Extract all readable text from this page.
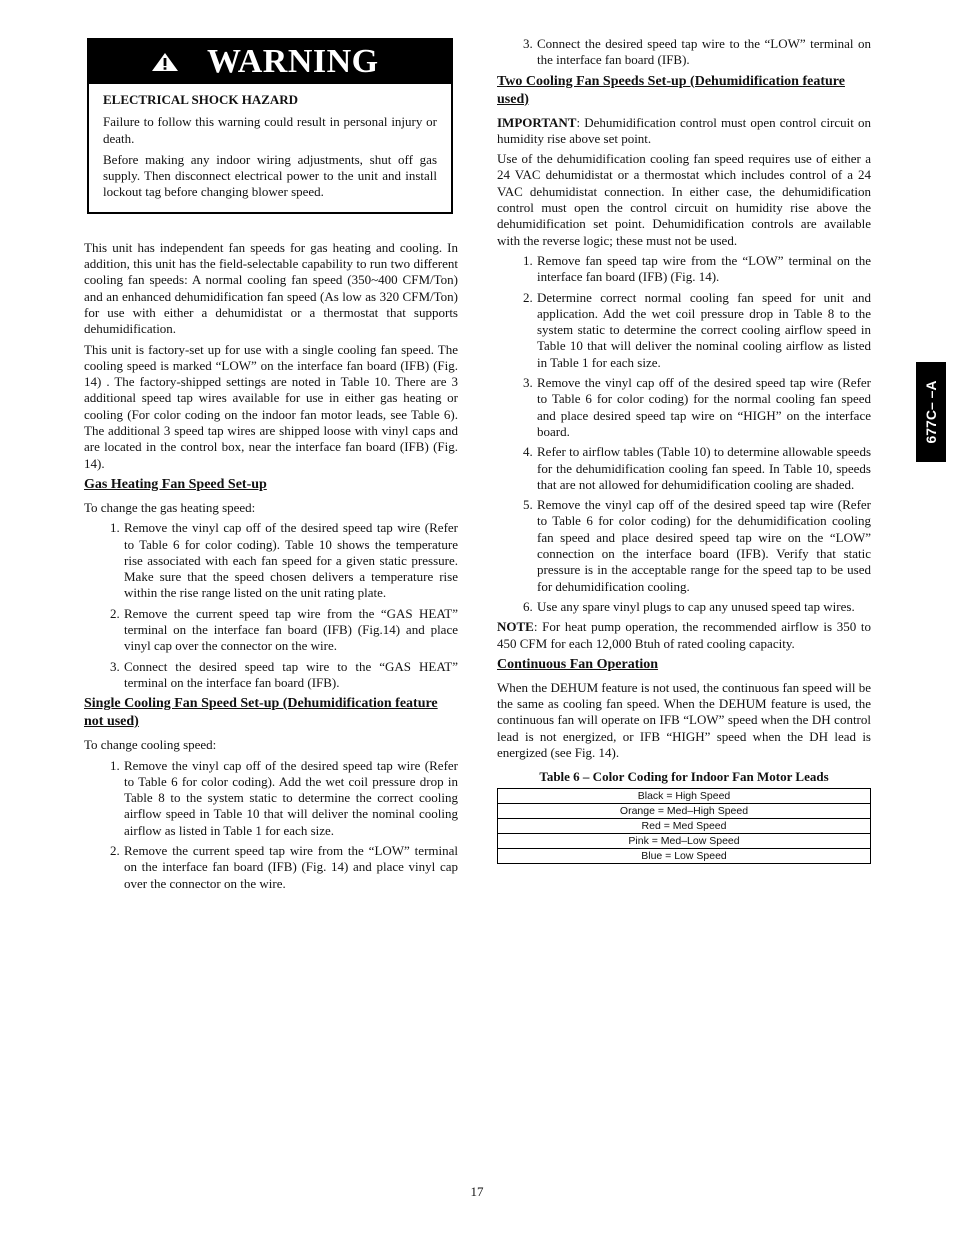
WARNING
ELECTRICAL SHOCK HAZARD

Failure to follow this warning could result in personal injury or death.

Before making any indoor wiring adjustments, shut off gas supply. Then disconnect electrical power to the unit and install lockout tag before changing blower speed.

This unit has independent fan speeds for gas heating and cooling. In addition, this unit has the field-selectable capability to run two different cooling fan speeds: A normal cooling fan speed (350~400 CFM/Ton) and an enhanced dehumidification fan speed (As low as 320 CFM/Ton) for use with either a dehumidistat or a thermostat that supports dehumidification.

This unit is factory-set up for use with a single cooling fan speed. The cooling speed is marked “LOW” on the interface fan board (IFB) (Fig. 14) . The factory-shipped settings are noted in Table 10. There are 3 additional speed tap wires available for use in either gas heating or cooling (For color coding on the indoor fan motor leads, see Table 6). The additional 3 speed tap wires are shipped loose with vinyl caps and are located in the control box, near the interface fan board (IFB) (Fig. 14).

Gas Heating Fan Speed Set-up

To change the gas heating speed:

1. Remove the vinyl cap off of the desired speed tap wire (Refer to Table 6 for color coding). Table 10 shows the temperature rise associated with each fan speed for a given static pressure. Make sure that the speed chosen delivers a temperature rise within the rise range listed on the unit rating plate.
2. Remove the current speed tap wire from the “GAS HEAT” terminal on the interface fan board (IFB) (Fig.14) and place vinyl cap over the connector on the wire.
3. Connect the desired speed tap wire to the “GAS HEAT” terminal on the interface fan board (IFB).
Single Cooling Fan Speed Set-up (Dehumidification feature not used)

To change cooling speed:

1. Remove the vinyl cap off of the desired speed tap wire (Refer to Table 6 for color coding). Add the wet coil pressure drop in Table 8 to the system static to determine the correct cooling airflow speed in Table 10 that will deliver the nominal cooling airflow as listed in Table 1 for each size.
2. Remove the current speed tap wire from the “LOW” terminal on the interface fan board (IFB) (Fig. 14) and place vinyl cap over the connector on the wire.
3. Connect the desired speed tap wire to the “LOW” terminal on the interface fan board (IFB).
Two Cooling Fan Speeds Set-up (Dehumidification feature used)

IMPORTANT: Dehumidification control must open control circuit on humidity rise above set point.

Use of the dehumidification cooling fan speed requires use of either a 24 VAC dehumidistat or a thermostat which includes control of a 24 VAC dehumidistat connection. In either case, the dehumidification control must open the control circuit on humidity rise above the dehumidification set point. Dehumidification controls are available with the reverse logic; these must not be used.

1. Remove fan speed tap wire from the “LOW” terminal on the interface fan board (IFB) (Fig. 14).
2. Determine correct normal cooling fan speed for unit and application. Add the wet coil pressure drop in Table 8 to the system static to determine the correct cooling airflow speed in Table 10 that will deliver the nominal cooling airflow as listed in Table 1 for each size.
3. Remove the vinyl cap off of the desired speed tap wire (Refer to Table 6 for color coding) for the normal cooling fan speed and place desired speed tap wire on “HIGH” on the interface board.
4. Refer to airflow tables (Table 10) to determine allowable speeds for the dehumidification cooling fan speed. In Table 10, speeds that are not allowed for dehumidification cooling are shaded.
5. Remove the vinyl cap off of the desired speed tap wire (Refer to Table 6 for color coding) for the dehumidification cooling fan speed and place desired speed tap wire on the “LOW” connection on the interface board (IFB). Verify that static pressure is in the acceptable range for the speed tap to be used for dehumidification cooling.
6. Use any spare vinyl plugs to cap any unused speed tap wires.

NOTE: For heat pump operation, the recommended airflow is 350 to 450 CFM for each 12,000 Btuh of rated cooling capacity.

Continuous Fan Operation

When the DEHUM feature is not used, the continuous fan speed will be the same as cooling fan speed. When the DEHUM feature is used, the continuous fan will operate on IFB “LOW” speed when the DH control lead is not energized, or IFB “HIGH” speed when the DH lead is energized (see Fig. 14).

Table 6 – Color Coding for Indoor Fan Motor Leads
Black = High Speed
Orange = Med–High Speed
Red = Med Speed
Pink = Med–Low Speed
Blue = Low Speed
677C– –A
17
